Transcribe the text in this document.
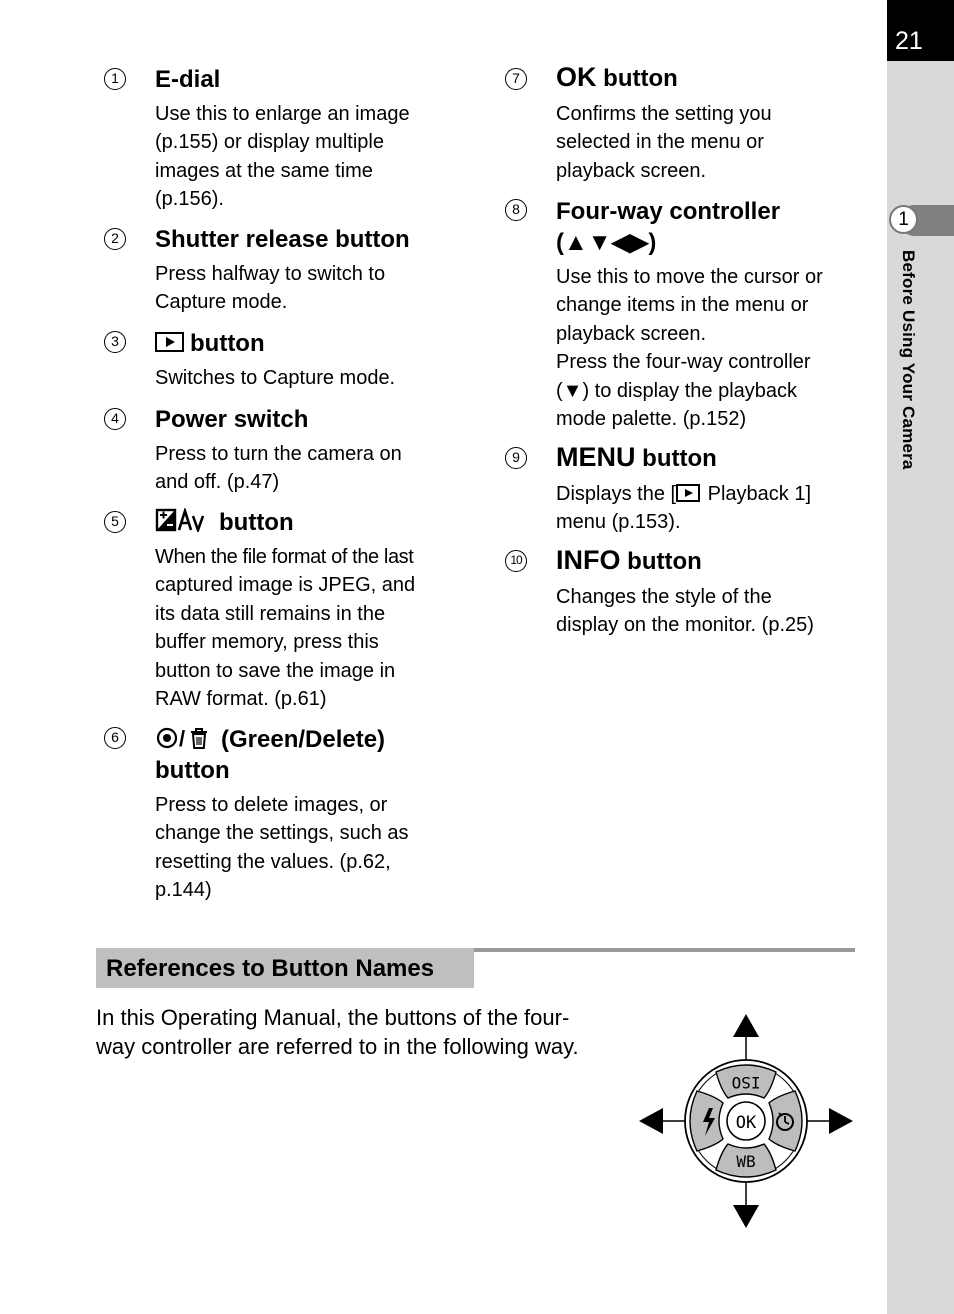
21
1
Before Using Your Camera
1 E-dial
Use this to enlarge an image
(p.155) or display multiple
images at the same time
(p.156).
2 Shutter release button
Press halfway to switch to
Capture mode.
3	button
Switches to Capture mode.
4 Power switch
Press to turn the camera on
and off. (p.47)
5	button
When the file format of the last
captured image is JPEG, and
its data still remains in the
buffer memory, press this
button to save the image in
RAW format. (p.61)
6	/ (Green/Delete)
button
Press to delete images, or
change the settings, such as
resetting the values. (p.62,
p.144)
7 OK button
Confirms the setting you
selected in the menu or
playback screen.
8 Four-way controller
(▲▼◀▶)
Use this to move the cursor or
change items in the menu or
playback screen.
Press the four-way controller
(▼) to display the playback
mode palette. (p.152)
9 MENU button
Displays the [ Playback 1]
menu (p.153).
10 INFO button
Changes the style of the
display on the monitor. (p.25)
References to Button Names
In this Operating Manual, the buttons of the four-
way controller are referred to in the following way.
OK
ISO
WB
